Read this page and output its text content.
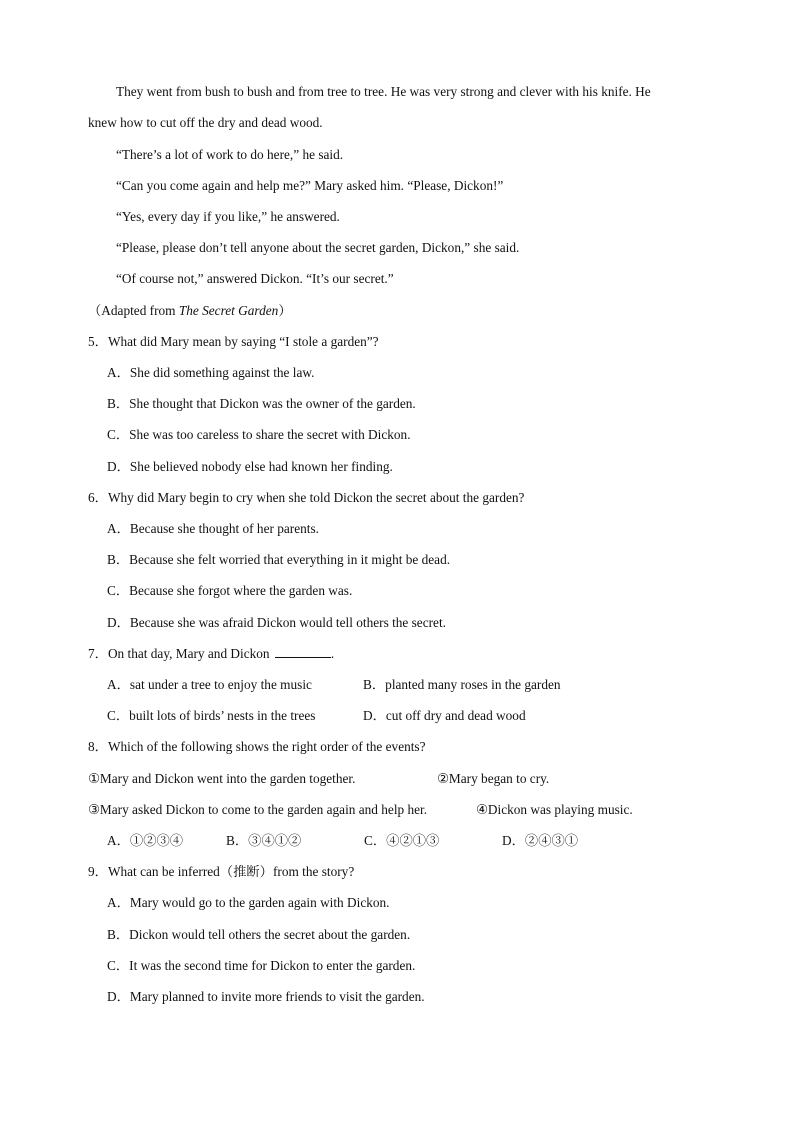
They went from bush to bush and from tree to tree. He was very strong and clever with his knife. He
knew how to cut off the dry and dead wood.
“There’s a lot of work to do here,” he said.
“Can you come again and help me?” Mary asked him. “Please, Dickon!”
“Yes, every day if you like,” he answered.
“Please, please don’t tell anyone about the secret garden, Dickon,” she said.
“Of course not,” answered Dickon. “It’s our secret.”
（Adapted from The Secret Garden）
5．What did Mary mean by saying “I stole a garden”?
A．She did something against the law.
B．She thought that Dickon was the owner of the garden.
C．She was too careless to share the secret with Dickon.
D．She believed nobody else had known her finding.
6．Why did Mary begin to cry when she told Dickon the secret about the garden?
A．Because she thought of her parents.
B．Because she felt worried that everything in it might be dead.
C．Because she forgot where the garden was.
D．Because she was afraid Dickon would tell others the secret.
7．On that day, Mary and Dickon	.
A．sat under a tree to enjoy the music	B．planted many roses in the garden
C．built lots of birds’ nests in the trees	D．cut off dry and dead wood
8．Which of the following shows the right order of the events?
①Mary and Dickon went into the garden together.	②Mary began to cry.
③Mary asked Dickon to come to the garden again and help her.	④Dickon was playing music.
A．①②③④	B．③④①②	C．④②①③	D．②④③①
9．What can be inferred（推断）from the story?
A．Mary would go to the garden again with Dickon.
B．Dickon would tell others the secret about the garden.
C．It was the second time for Dickon to enter the garden.
D．Mary planned to invite more friends to visit the garden.
